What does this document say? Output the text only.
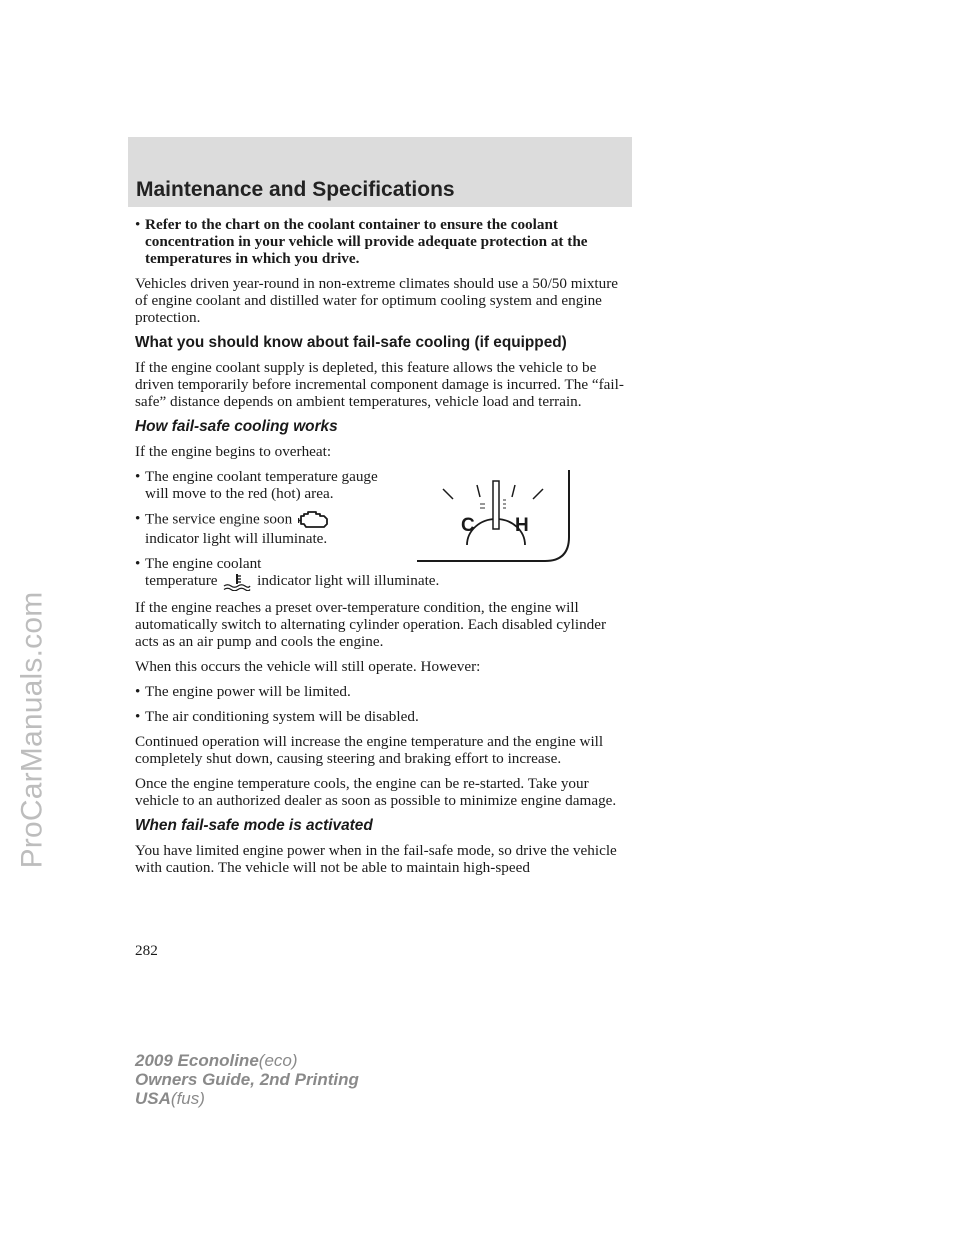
ProCarManuals.com
Maintenance and Specifications
• Refer to the chart on the coolant container to ensure the coolant concentration in your vehicle will provide adequate protection at the temperatures in which you drive.

Vehicles driven year-round in non-extreme climates should use a 50/50 mixture of engine coolant and distilled water for optimum cooling system and engine protection.

What you should know about fail-safe cooling (if equipped)

If the engine coolant supply is depleted, this feature allows the vehicle to be driven temporarily before incremental component damage is incurred. The “fail-safe” distance depends on ambient temperatures, vehicle load and terrain.

How fail-safe cooling works

If the engine begins to overheat:

• The engine coolant temperature gauge will move to the red (hot) area.
• The service engine soon
indicator light will illuminate.
C H
• The engine coolant
temperature	indicator light will illuminate.

If the engine reaches a preset over-temperature condition, the engine will automatically switch to alternating cylinder operation. Each disabled cylinder acts as an air pump and cools the engine.

When this occurs the vehicle will still operate. However:

• The engine power will be limited.
• The air conditioning system will be disabled.

Continued operation will increase the engine temperature and the engine will completely shut down, causing steering and braking effort to increase.

Once the engine temperature cools, the engine can be re-started. Take your vehicle to an authorized dealer as soon as possible to minimize engine damage.

When fail-safe mode is activated

You have limited engine power when in the fail-safe mode, so drive the vehicle with caution. The vehicle will not be able to maintain high-speed

282
2009 Econoline(eco)
Owners Guide, 2nd Printing
USA(fus)
